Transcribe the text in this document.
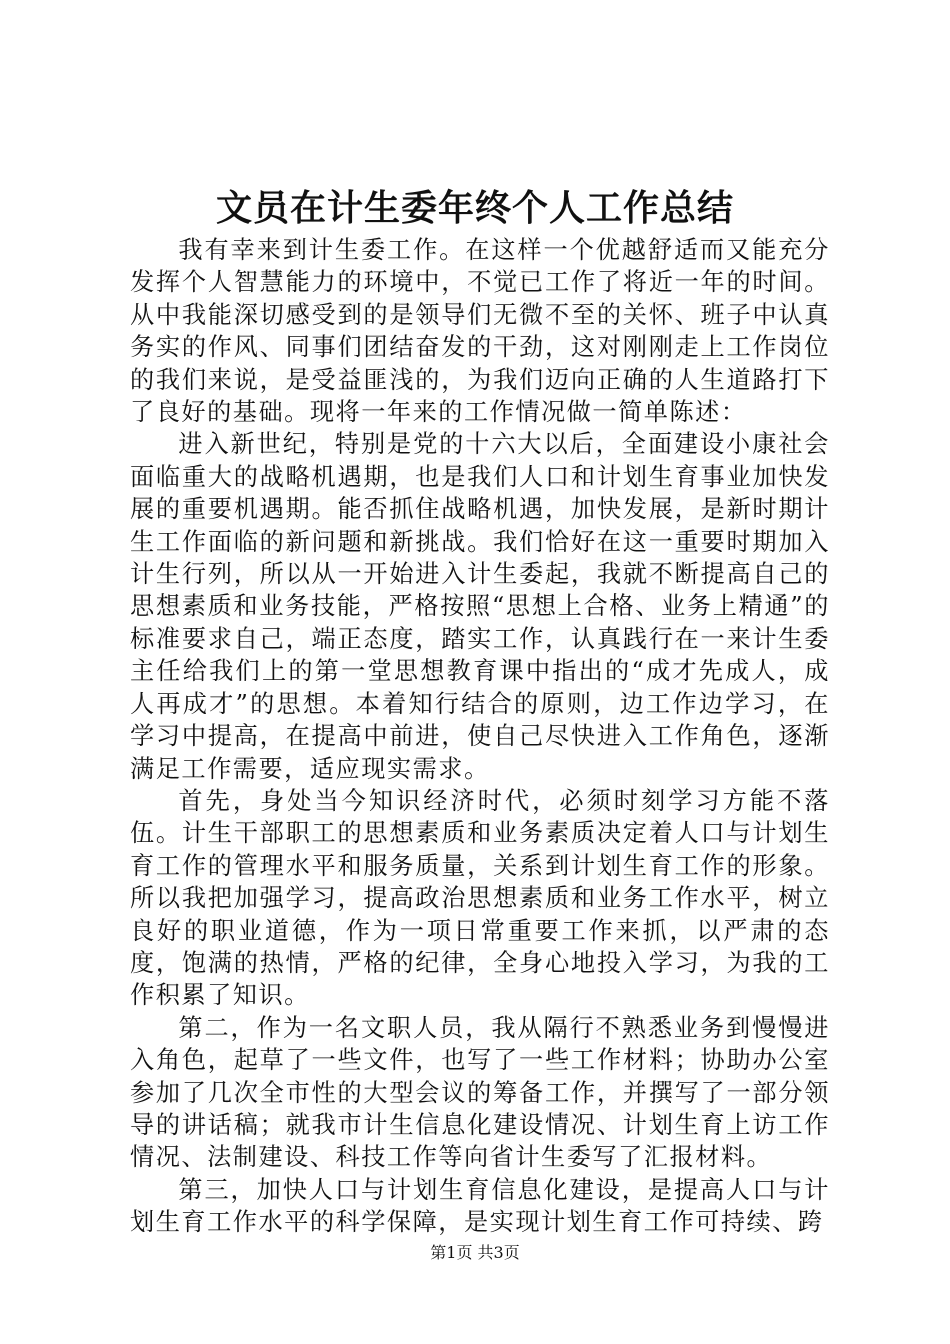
文员在计生委年终个人工作总结

我有幸来到计生委工作。在这样一个优越舒适而又能充分发挥个人智慧能力的环境中，不觉已工作了将近一年的时间。从中我能深切感受到的是领导们无微不至的关怀、班子中认真务实的作风、同事们团结奋发的干劲，这对刚刚走上工作岗位的我们来说，是受益匪浅的，为我们迈向正确的人生道路打下了良好的基础。现将一年来的工作情况做一简单陈述：

进入新世纪，特别是党的十六大以后，全面建设小康社会面临重大的战略机遇期，也是我们人口和计划生育事业加快发展的重要机遇期。能否抓住战略机遇，加快发展，是新时期计生工作面临的新问题和新挑战。我们恰好在这一重要时期加入计生行列，所以从一开始进入计生委起，我就不断提高自己的思想素质和业务技能，严格按照“思想上合格、业务上精通”的标准要求自己，端正态度，踏实工作，认真践行在一来计生委主任给我们上的第一堂思想教育课中指出的“成才先成人，成人再成才”的思想。本着知行结合的原则，边工作边学习，在学习中提高，在提高中前进，使自己尽快进入工作角色，逐渐满足工作需要，适应现实需求。

首先，身处当今知识经济时代，必须时刻学习方能不落伍。计生干部职工的思想素质和业务素质决定着人口与计划生育工作的管理水平和服务质量，关系到计划生育工作的形象。所以我把加强学习，提高政治思想素质和业务工作水平，树立良好的职业道德，作为一项日常重要工作来抓，以严肃的态度，饱满的热情，严格的纪律，全身心地投入学习，为我的工作积累了知识。

第二，作为一名文职人员，我从隔行不熟悉业务到慢慢进入角色，起草了一些文件，也写了一些工作材料；协助办公室参加了几次全市性的大型会议的筹备工作，并撰写了一部分领导的讲话稿；就我市计生信息化建设情况、计划生育上访工作情况、法制建设、科技工作等向省计生委写了汇报材料。

第三，加快人口与计划生育信息化建设，是提高人口与计划生育工作水平的科学保障，是实现计划生育工作可持续、跨

第1页 共3页
